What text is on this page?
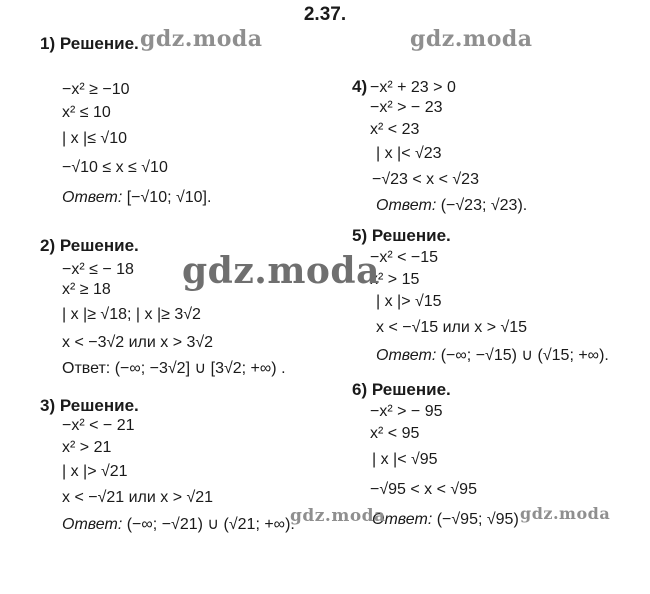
2.37.
1) Решение.
−x² ≥ −10
x² ≤ 10
| x |≤ √10
−√10 ≤ x ≤ √10
Ответ: [−√10; √10].
2) Решение.
−x² ≤ − 18
x² ≥ 18
| x |≥ √18; | x |≥ 3√2
x < −3√2 или x > 3√2
Ответ: (−∞; −3√2] ∪ [3√2; +∞) .
3) Решение.
−x² < − 21
x² > 21
| x |> √21
x < −√21 или x > √21
Ответ: (−∞; −√21) ∪ (√21; +∞).
4) −x² + 23 > 0
−x² > − 23
x² < 23
| x |< √23
−√23 < x < √23
Ответ: (−√23; √23).
5) Решение.
−x² < −15
x² > 15
| x |> √15
x < −√15 или x > √15
Ответ: (−∞; −√15) ∪ (√15; +∞).
6) Решение.
−x² > − 95
x² < 95
| x |< √95
−√95 < x < √95
Ответ: (−√95; √95)
gdz.moda	gdz.moda
gdz.moda
gdz.moda	gdz.moda
